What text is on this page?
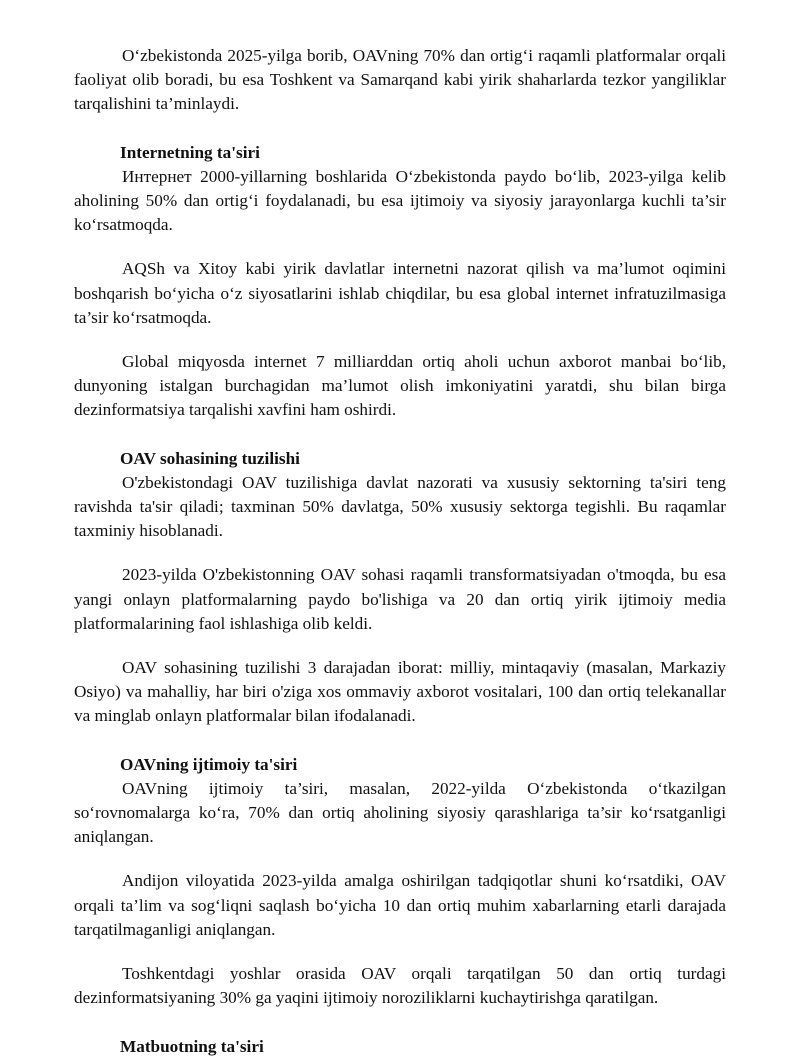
O‘zbekistonda 2025-yilga borib, OAVning 70% dan ortig‘i raqamli platformalar orqali faoliyat olib boradi, bu esa Toshkent va Samarqand kabi yirik shaharlarda tezkor yangiliklar tarqalishini ta’minlaydi.

Internetning ta'siri

Интернет 2000-yillarning boshlarida O‘zbekistonda paydo bo‘lib, 2023-yilga kelib aholining 50% dan ortig‘i foydalanadi, bu esa ijtimoiy va siyosiy jarayonlarga kuchli ta’sir ko‘rsatmoqda.

AQSh va Xitoy kabi yirik davlatlar internetni nazorat qilish va ma’lumot oqimini boshqarish bo‘yicha o‘z siyosatlarini ishlab chiqdilar, bu esa global internet infratuzilmasiga ta’sir ko‘rsatmoqda.

Global miqyosda internet 7 milliarddan ortiq aholi uchun axborot manbai bo‘lib, dunyoning istalgan burchagidan ma’lumot olish imkoniyatini yaratdi, shu bilan birga dezinformatsiya tarqalishi xavfini ham oshirdi.

OAV sohasining tuzilishi

O'zbekistondagi OAV tuzilishiga davlat nazorati va xususiy sektorning ta'siri teng ravishda ta'sir qiladi; taxminan 50% davlatga, 50% xususiy sektorga tegishli. Bu raqamlar taxminiy hisoblanadi.

2023-yilda O'zbekistonning OAV sohasi raqamli transformatsiyadan o'tmoqda, bu esa yangi onlayn platformalarning paydo bo'lishiga va 20 dan ortiq yirik ijtimoiy media platformalarining faol ishlashiga olib keldi.

OAV sohasining tuzilishi 3 darajadan iborat: milliy, mintaqaviy (masalan, Markaziy Osiyo) va mahalliy, har biri o'ziga xos ommaviy axborot vositalari, 100 dan ortiq telekanallar va minglab onlayn platformalar bilan ifodalanadi.

OAVning ijtimoiy ta'siri

OAVning ijtimoiy ta’siri, masalan, 2022-yilda O‘zbekistonda o‘tkazilgan so‘rovnomalarga ko‘ra, 70% dan ortiq aholining siyosiy qarashlariga ta’sir ko‘rsatganligi aniqlangan.

Andijon viloyatida 2023-yilda amalga oshirilgan tadqiqotlar shuni ko‘rsatdiki, OAV orqali ta’lim va sog‘liqni saqlash bo‘yicha 10 dan ortiq muhim xabarlarning etarli darajada tarqatilmaganligi aniqlangan.

Toshkentdagi yoshlar orasida OAV orqali tarqatilgan 50 dan ortiq turdagi dezinformatsiyaning 30% ga yaqini ijtimoiy noroziliklarni kuchaytirishga qaratilgan.

Matbuotning ta'siri
